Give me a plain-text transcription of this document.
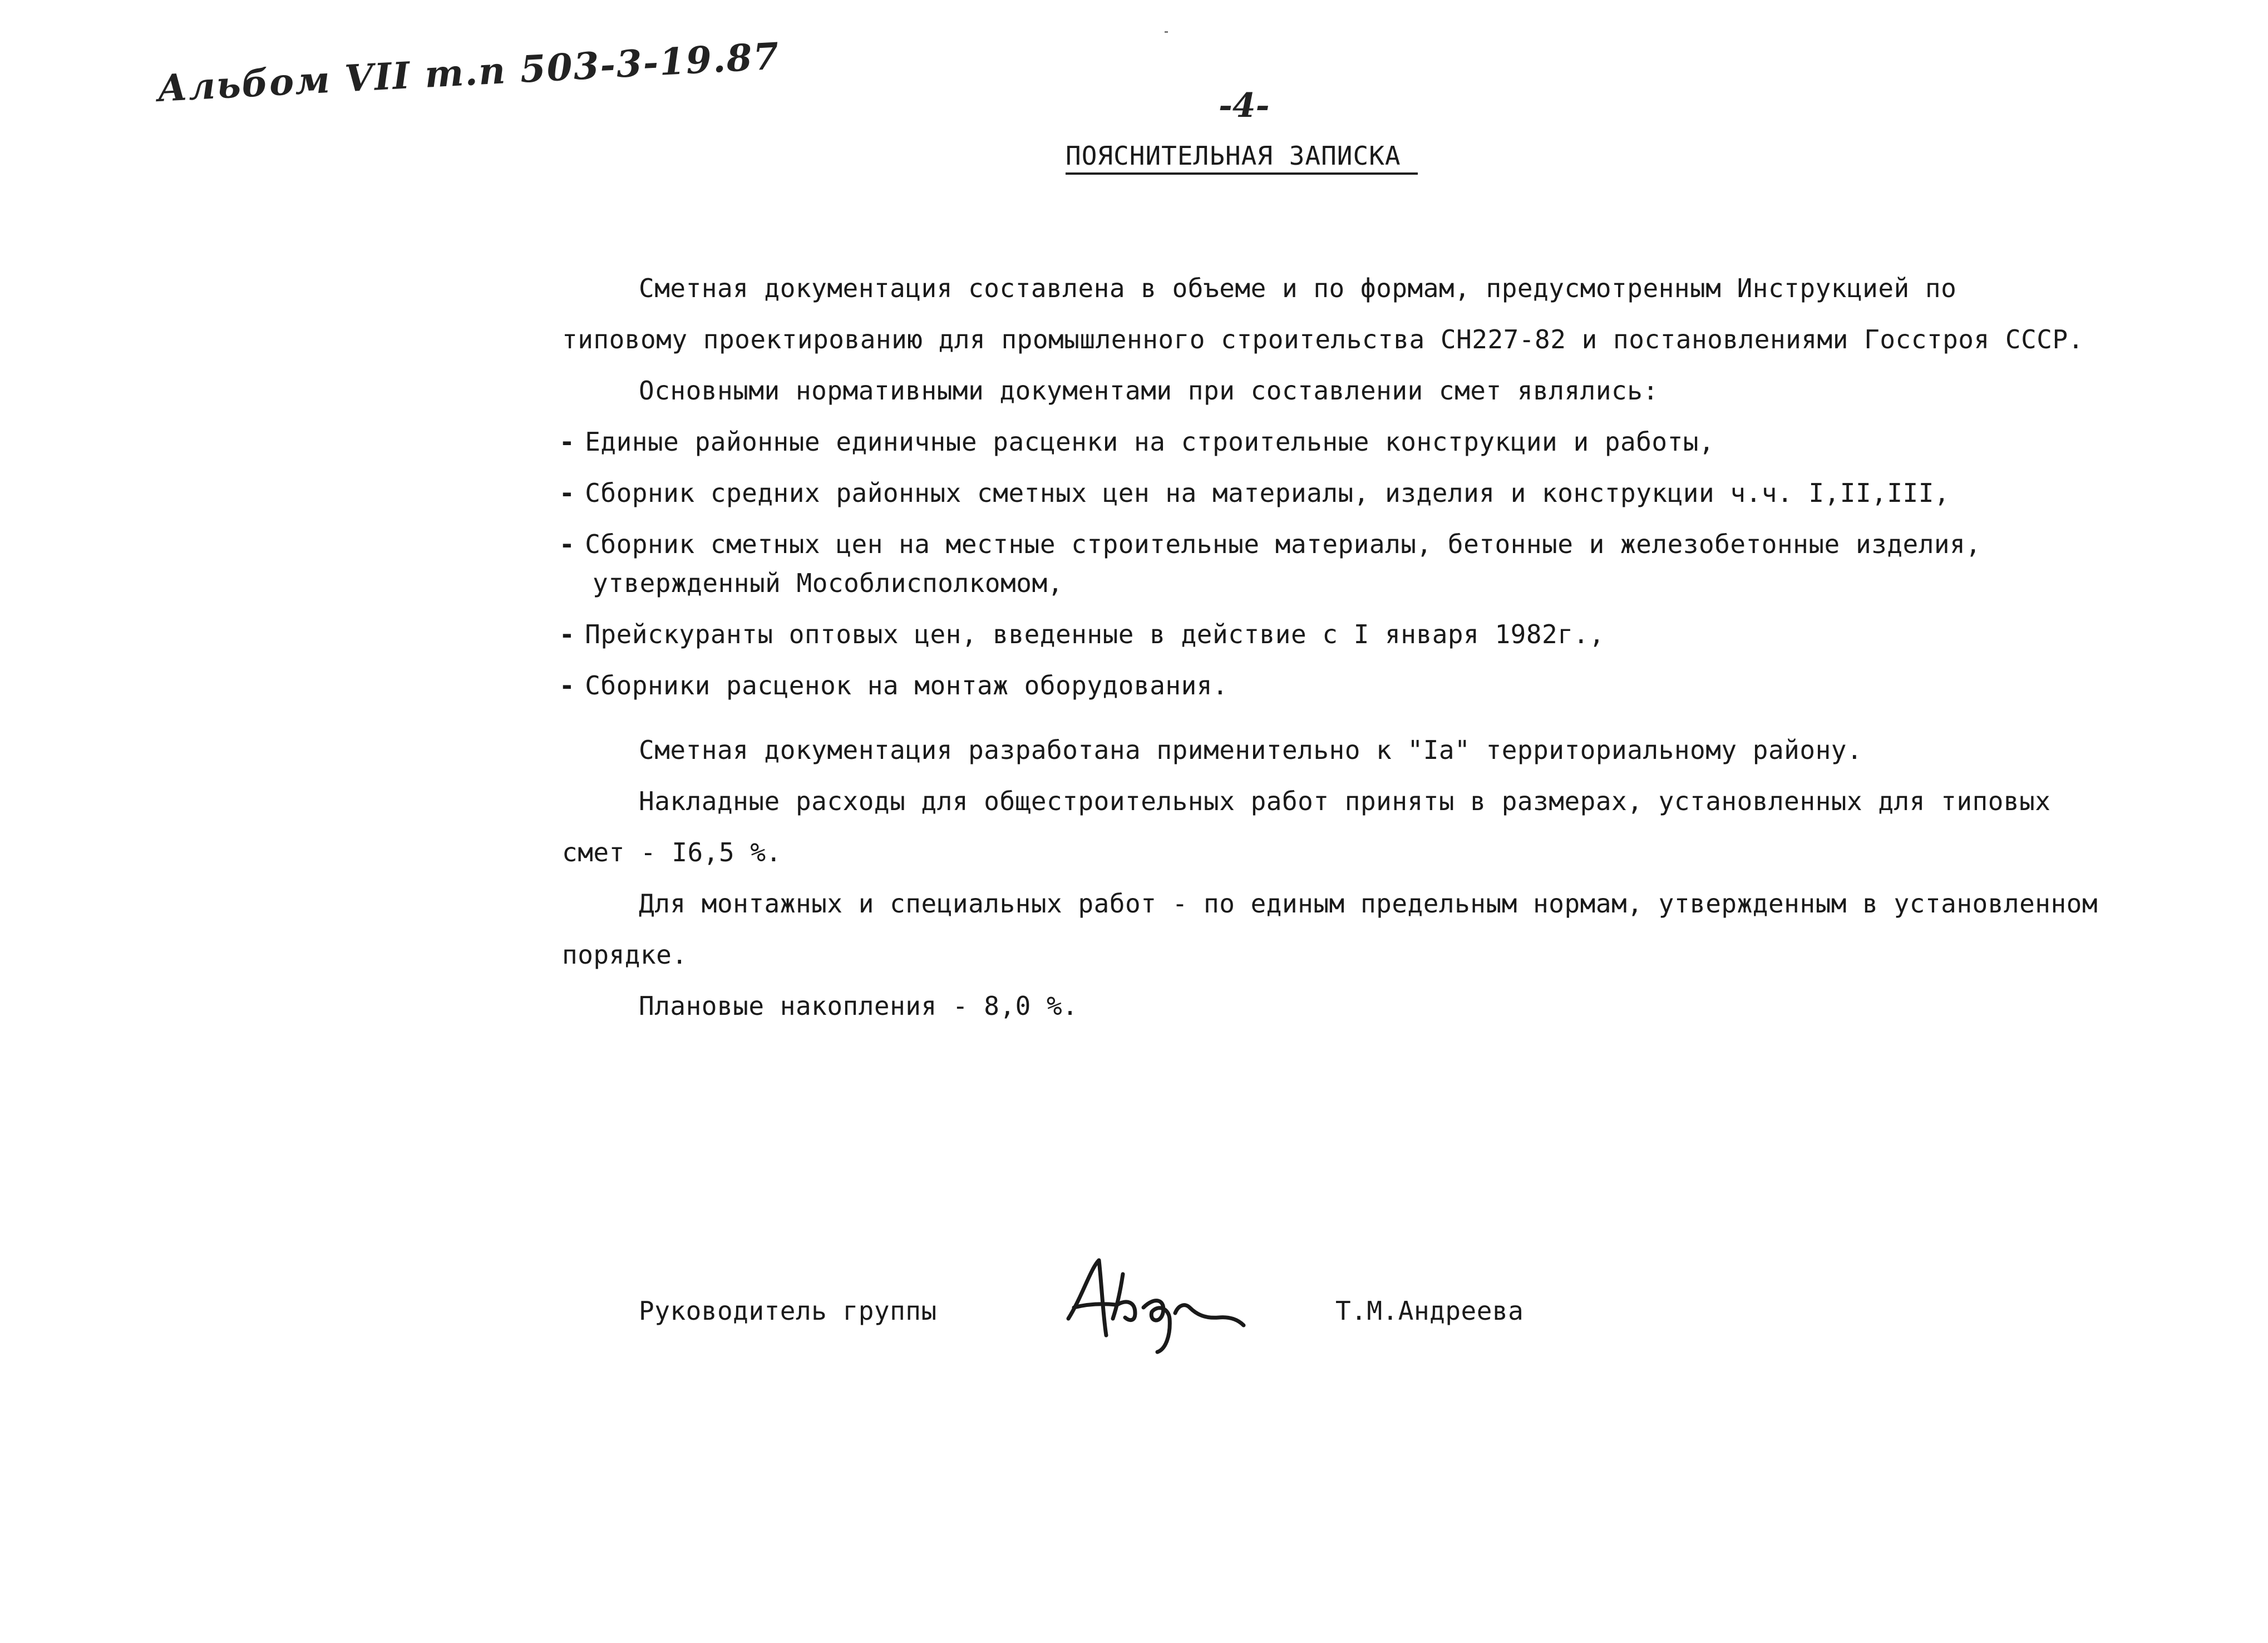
Альбом VII т.п 503-3-19.87	-4-
ПОЯСНИТЕЛЬНАЯ ЗАПИСКА
Сметная документация составлена в объеме и по формам, предусмотренным Инструкцией по
типовому проектированию для промышленного строительства СН227-82 и постановлениями Госстроя СССР.
Основными нормативными документами при составлении смет являлись:
- Единые районные единичные расценки на строительные конструкции и работы,
- Сборник средних районных сметных цен на материалы, изделия и конструкции ч.ч. I,II,III,
- Сборник сметных цен на местные строительные материалы, бетонные и железобетонные изделия,
утвержденный Мособлисполкомом,
- Прейскуранты оптовых цен, введенные в действие с I января 1982г.,
- Сборники расценок на монтаж оборудования.
Сметная документация разработана применительно к "Iа" территориальному району.
Накладные расходы для общестроительных работ приняты в размерах, установленных для типовых
смет - I6,5 %.
Для монтажных и специальных работ - по единым предельным нормам, утвержденным в установленном
порядке.
Плановые накопления - 8,0 %.
Руководитель группы	Т.М.Андреева
